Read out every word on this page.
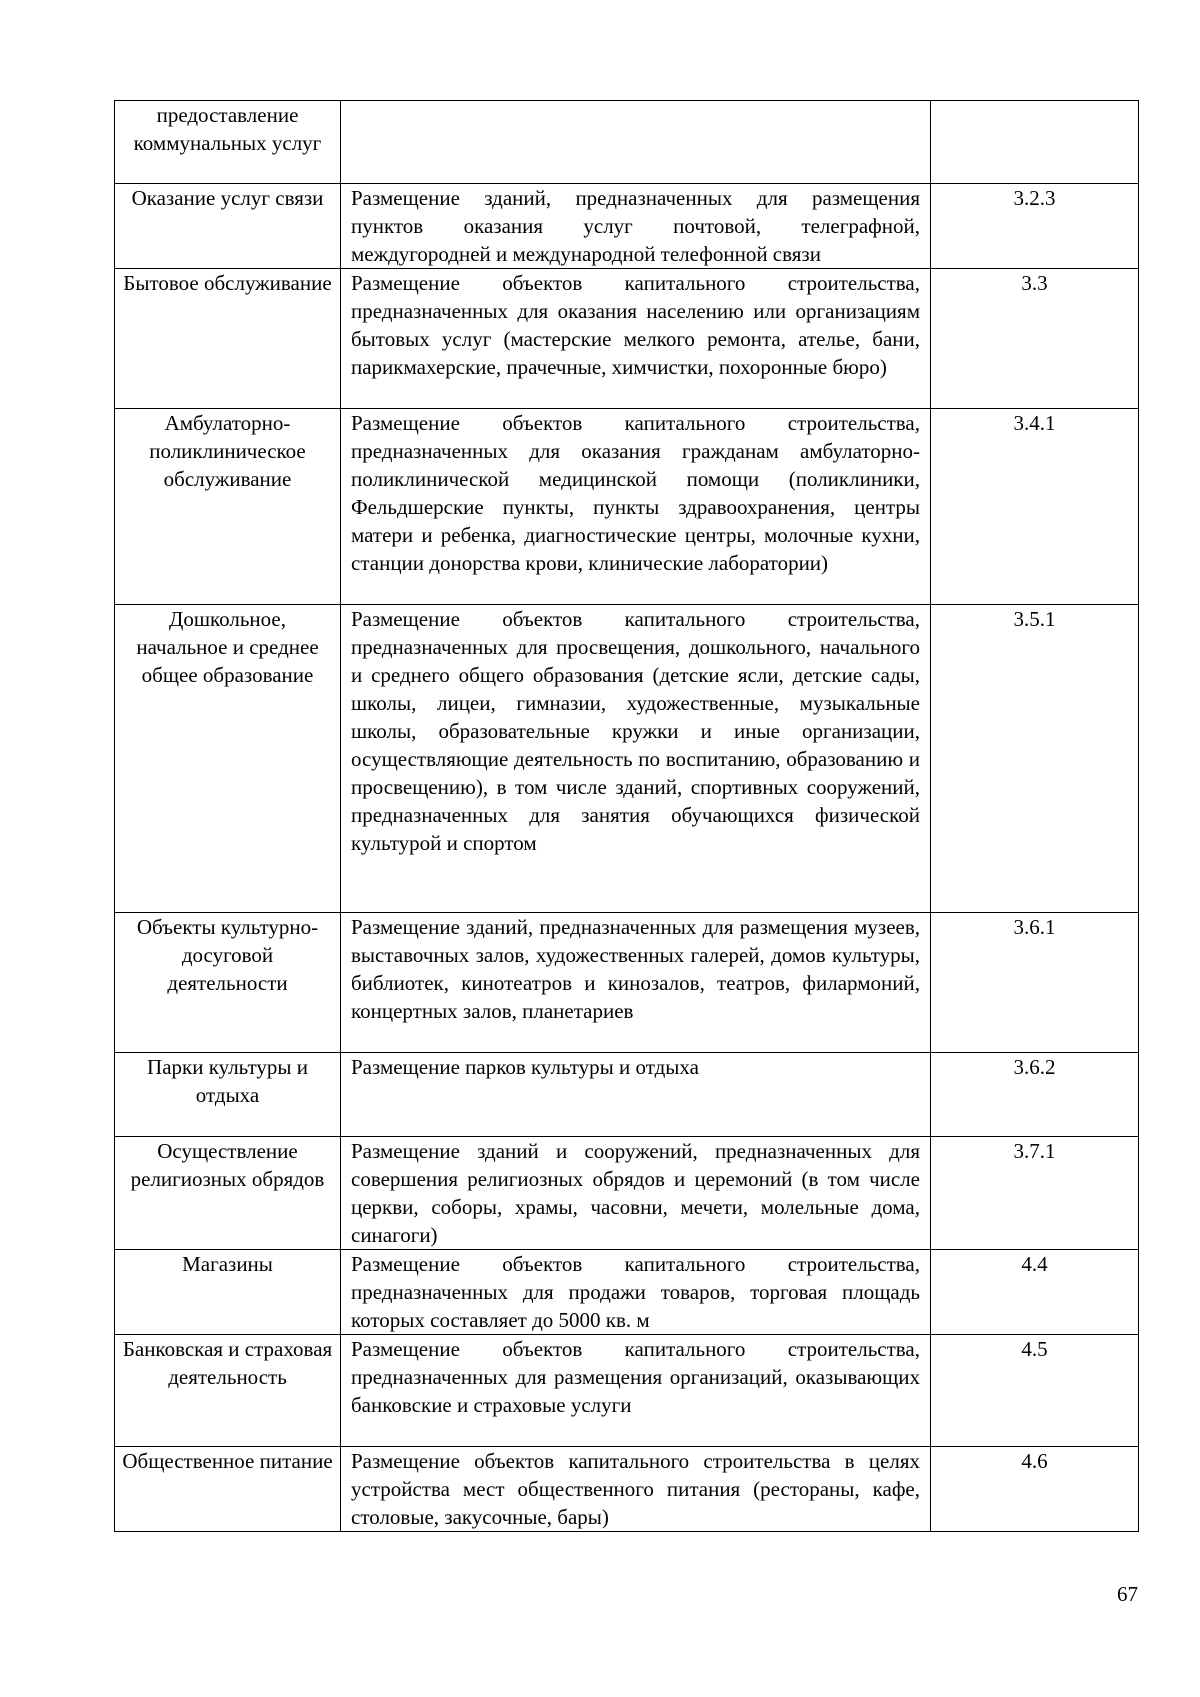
предоставление коммунальных услуг		
Оказание услуг связи	Размещение зданий, предназначенных для размещения пунктов оказания услуг почтовой, телеграфной, междугородней и международной телефонной связи	3.2.3
Бытовое обслуживание	Размещение объектов капитального строительства, предназначенных для оказания населению или организациям бытовых услуг (мастерские мелкого ремонта, ателье, бани, парикмахерские, прачечные, химчистки, похоронные бюро)	3.3
Амбулаторно-поликлиническое обслуживание	Размещение объектов капитального строительства, предназначенных для оказания гражданам амбулаторно-поликлинической медицинской помощи (поликлиники, Фельдшерские пункты, пункты здравоохранения, центры матери и ребенка, диагностические центры, молочные кухни, станции донорства крови, клинические лаборатории)	3.4.1
Дошкольное, начальное и среднее общее образование	Размещение объектов капитального строительства, предназначенных для просвещения, дошкольного, начального и среднего общего образования (детские ясли, детские сады, школы, лицеи, гимназии, художественные, музыкальные школы, образовательные кружки и иные организации, осуществляющие деятельность по воспитанию, образованию и просвещению), в том числе зданий, спортивных сооружений, предназначенных для занятия обучающихся физической культурой и спортом	3.5.1
Объекты культурно-досуговой деятельности	Размещение зданий, предназначенных для размещения музеев, выставочных залов, художественных галерей, домов культуры, библиотек, кинотеатров и кинозалов, театров, филармоний, концертных залов, планетариев	3.6.1
Парки культуры и отдыха	Размещение парков культуры и отдыха	3.6.2
Осуществление религиозных обрядов	Размещение зданий и сооружений, предназначенных для совершения религиозных обрядов и церемоний (в том числе церкви, соборы, храмы, часовни, мечети, молельные дома, синагоги)	3.7.1
Магазины	Размещение объектов капитального строительства, предназначенных для продажи товаров, торговая площадь которых составляет до 5000 кв. м	4.4
Банковская и страховая деятельность	Размещение объектов капитального строительства, предназначенных для размещения организаций, оказывающих банковские и страховые услуги	4.5
Общественное питание	Размещение объектов капитального строительства в целях устройства мест общественного питания (рестораны, кафе, столовые, закусочные, бары)	4.6
67
